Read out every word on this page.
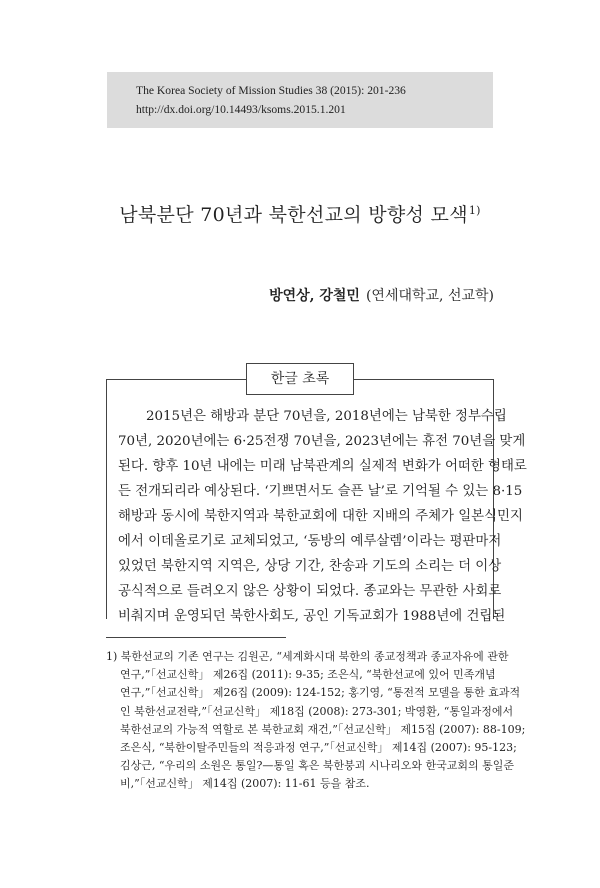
The Korea Society of Mission Studies 38 (2015): 201-236
http://dx.doi.org/10.14493/ksoms.2015.1.201
남북분단 70년과 북한선교의 방향성 모색$^{1)}$
방연상, 강철민 (연세대학교, 선교학)
한글 초록
2015년은 해방과 분단 70년을, 2018년에는 남북한 정부수립
70년, 2020년에는 6·25전쟁 70년을, 2023년에는 휴전 70년을 맞게
된다. 향후 10년 내에는 미래 남북관계의 실제적 변화가 어떠한 형태로
든 전개되리라 예상된다. ‘기쁘면서도 슬픈 날’로 기억될 수 있는 8·15
해방과 동시에 북한지역과 북한교회에 대한 지배의 주체가 일본식민지
에서 이데올로기로 교체되었고, ‘동방의 예루살렘’이라는 평판마저
있었던 북한지역 지역은, 상당 기간, 찬송과 기도의 소리는 더 이상
공식적으로 들려오지 않은 상황이 되었다. 종교와는 무관한 사회로
비춰지며 운영되던 북한사회도, 공인 기독교회가 1988년에 건립된
1) 북한선교의 기존 연구는 김원곤, “세계화시대 북한의 종교정책과 종교자유에 관한
연구,”「선교신학」 제26집 (2011): 9-35; 조은식, “북한선교에 있어 민족개념
연구,”「선교신학」 제26집 (2009): 124-152; 홍기영, “통전적 모델을 통한 효과적
인 북한선교전략,”「선교신학」 제18집 (2008): 273-301; 박영환, “통일과정에서
북한선교의 가능적 역할로 본 북한교회 재건,”「선교신학」 제15집 (2007): 88-109;
조은식, “북한이탈주민들의 적응과정 연구,”「선교신학」 제14집 (2007): 95-123;
김상근, “우리의 소원은 통일?—통일 혹은 북한붕괴 시나리오와 한국교회의 통일준
비,”「선교신학」 제14집 (2007): 11-61 등을 참조.
